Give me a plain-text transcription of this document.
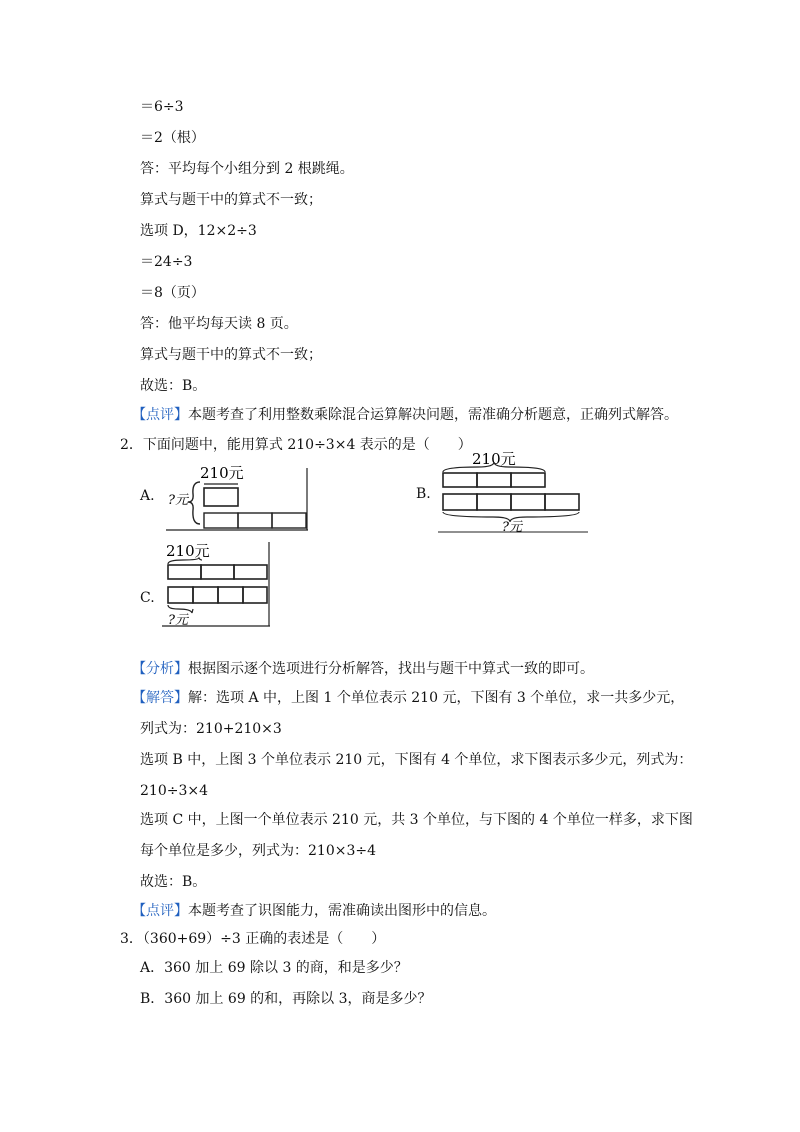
＝6÷3
＝2（根）
答：平均每个小组分到 2 根跳绳。
算式与题干中的算式不一致；
选项 D，12×2÷3
＝24÷3
＝8（页）
答：他平均每天读 8 页。
算式与题干中的算式不一致；
故选：B。
【点评】本题考查了利用整数乘除混合运算解决问题，需准确分析题意，正确列式解答。
2．下面问题中，能用算式 210÷3×4 表示的是（　　）
A.
210元
?元	B.
210元
?元
C.
210元
?元
【分析】根据图示逐个选项进行分析解答，找出与题干中算式一致的即可。
【解答】解：选项 A 中，上图 1 个单位表示 210 元，下图有 3 个单位，求一共多少元，
列式为：210+210×3
选项 B 中，上图 3 个单位表示 210 元，下图有 4 个单位，求下图表示多少元，列式为：
210÷3×4
选项 C 中，上图一个单位表示 210 元，共 3 个单位，与下图的 4 个单位一样多，求下图
每个单位是多少，列式为：210×3÷4
故选：B。
【点评】本题考查了识图能力，需准确读出图形中的信息。
3．（360+69）÷3 正确的表述是（　　）
A．360 加上 69 除以 3 的商，和是多少？
B．360 加上 69 的和，再除以 3，商是多少？
